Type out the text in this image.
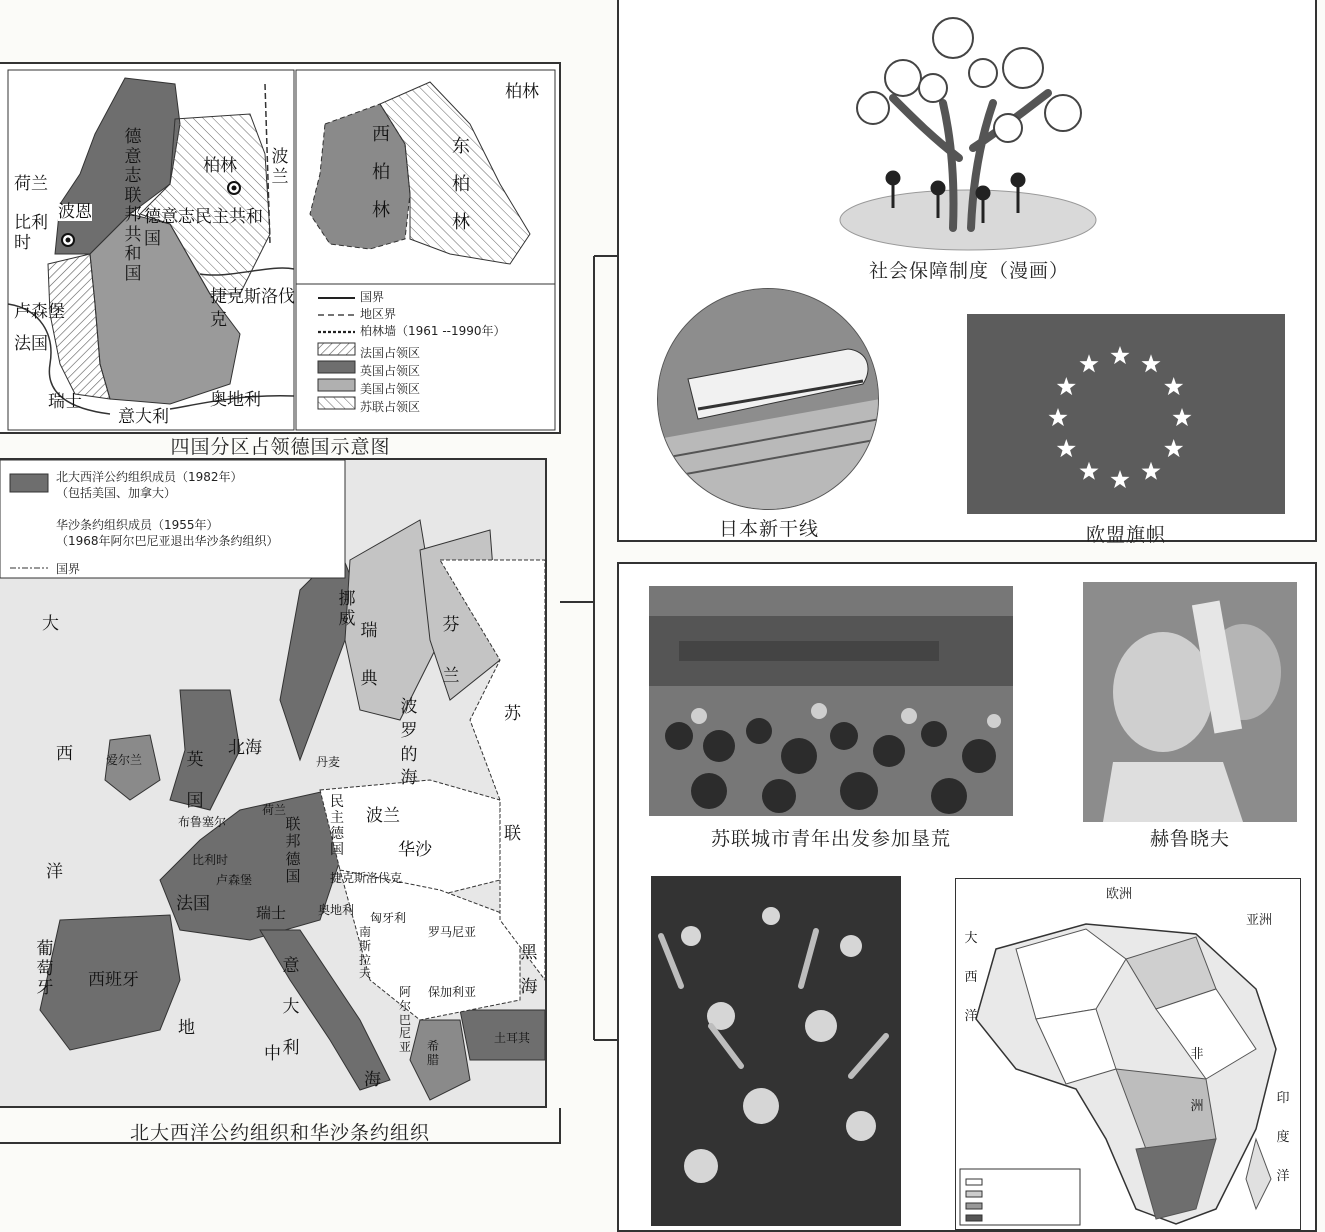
荷兰
比利时
波恩
德意志联邦共和国
柏林
德意志民主共和国
波兰
卢森堡
法国
捷克斯洛伐克
瑞士
意大利
奥地利
柏林
西柏林
东柏林
国界
地区界
柏林墙（1961 --1990年）
法国占领区
英国占领区
美国占领区
苏联占领区
四国分区占领德国示意图
北大西洋公约组织成员（1982年）
（包括美国、加拿大）
华沙条约组织成员（1955年）
（1968年阿尔巴尼亚退出华沙条约组织）
国界
大
西
洋
挪威
瑞典
芬兰
波罗的海
苏
联
爱尔兰	英国
北海
丹麦
荷兰
布鲁塞尔
比利时
卢森堡
联邦德国
民主德国
波兰
华沙
捷克斯洛伐克
法国	瑞士	奥地利
匈牙利
罗马尼亚
南斯拉夫
保加利亚
黑海
阿尔巴尼亚 希腊
土耳其
葡萄牙 西班牙
意大利
地
中
海
北大西洋公约组织和华沙条约组织
社会保障制度（漫画）
日本新干线	欧盟旗帜
苏联城市青年出发参加垦荒	赫鲁晓夫
欧洲
亚洲
大西洋
印度洋
非洲
